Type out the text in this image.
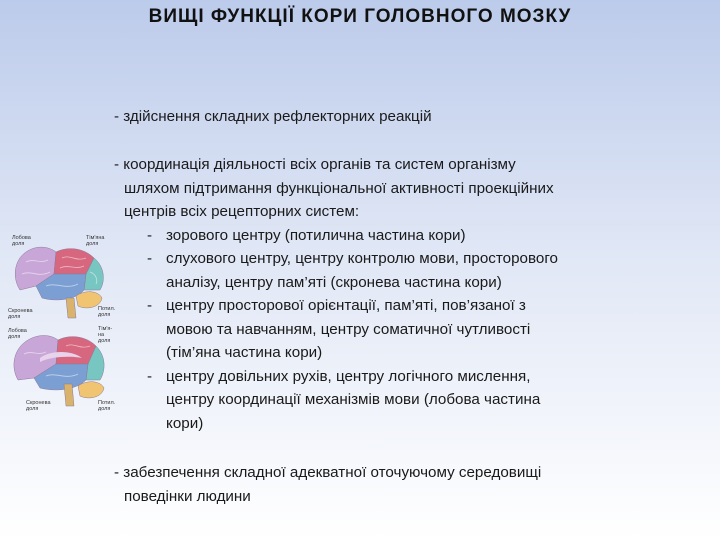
ВИЩІ ФУНКЦІЇ КОРИ ГОЛОВНОГО МОЗКУ
- здійснення складних рефлекторних реакцій
- координація діяльності всіх органів та систем організму
шляхом підтримання функціональної активності проекційних
центрів всіх рецепторних систем:
- зорового центру (потилична частина кори)
- слухового центру, центру контролю мови, просторового
аналізу, центру пам’яті (скронева частина кори)
- центру просторової орієнтації, пам’яті, пов’язаної з
мовою та навчанням, центру соматичної чутливості
(тім’яна частина кори)
- центру довільних рухів, центру логічного мислення,
центру координації механізмів мови (лобова частина
кори)
- забезпечення складної адекватної оточуючому середовищі
поведінки людини
Лобова
доля
Тім'яна
доля
Скронева
доля
Потил.
доля
Лобова
доля
Тім'я-
на
доля
Скронева
доля
Потил.
доля
